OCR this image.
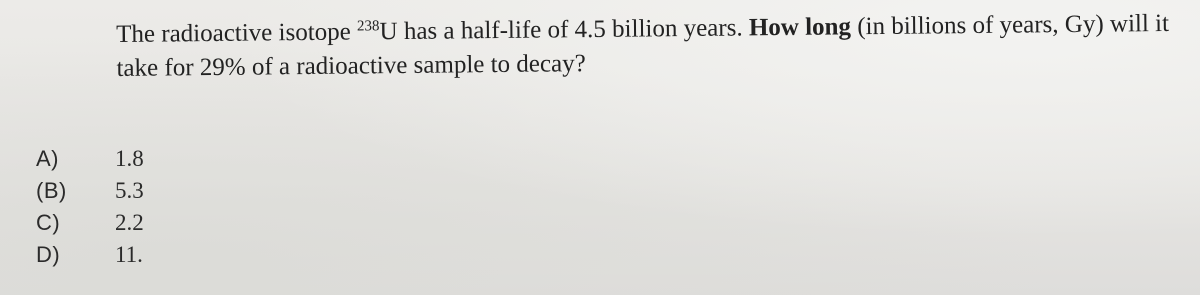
The radioactive isotope $^{238}$U has a half-life of 4.5 billion years. How long (in billions of years, Gy) will it take for 29% of a radioactive sample to decay?
A) 1.8
(B) 5.3
C) 2.2
D) 11.
